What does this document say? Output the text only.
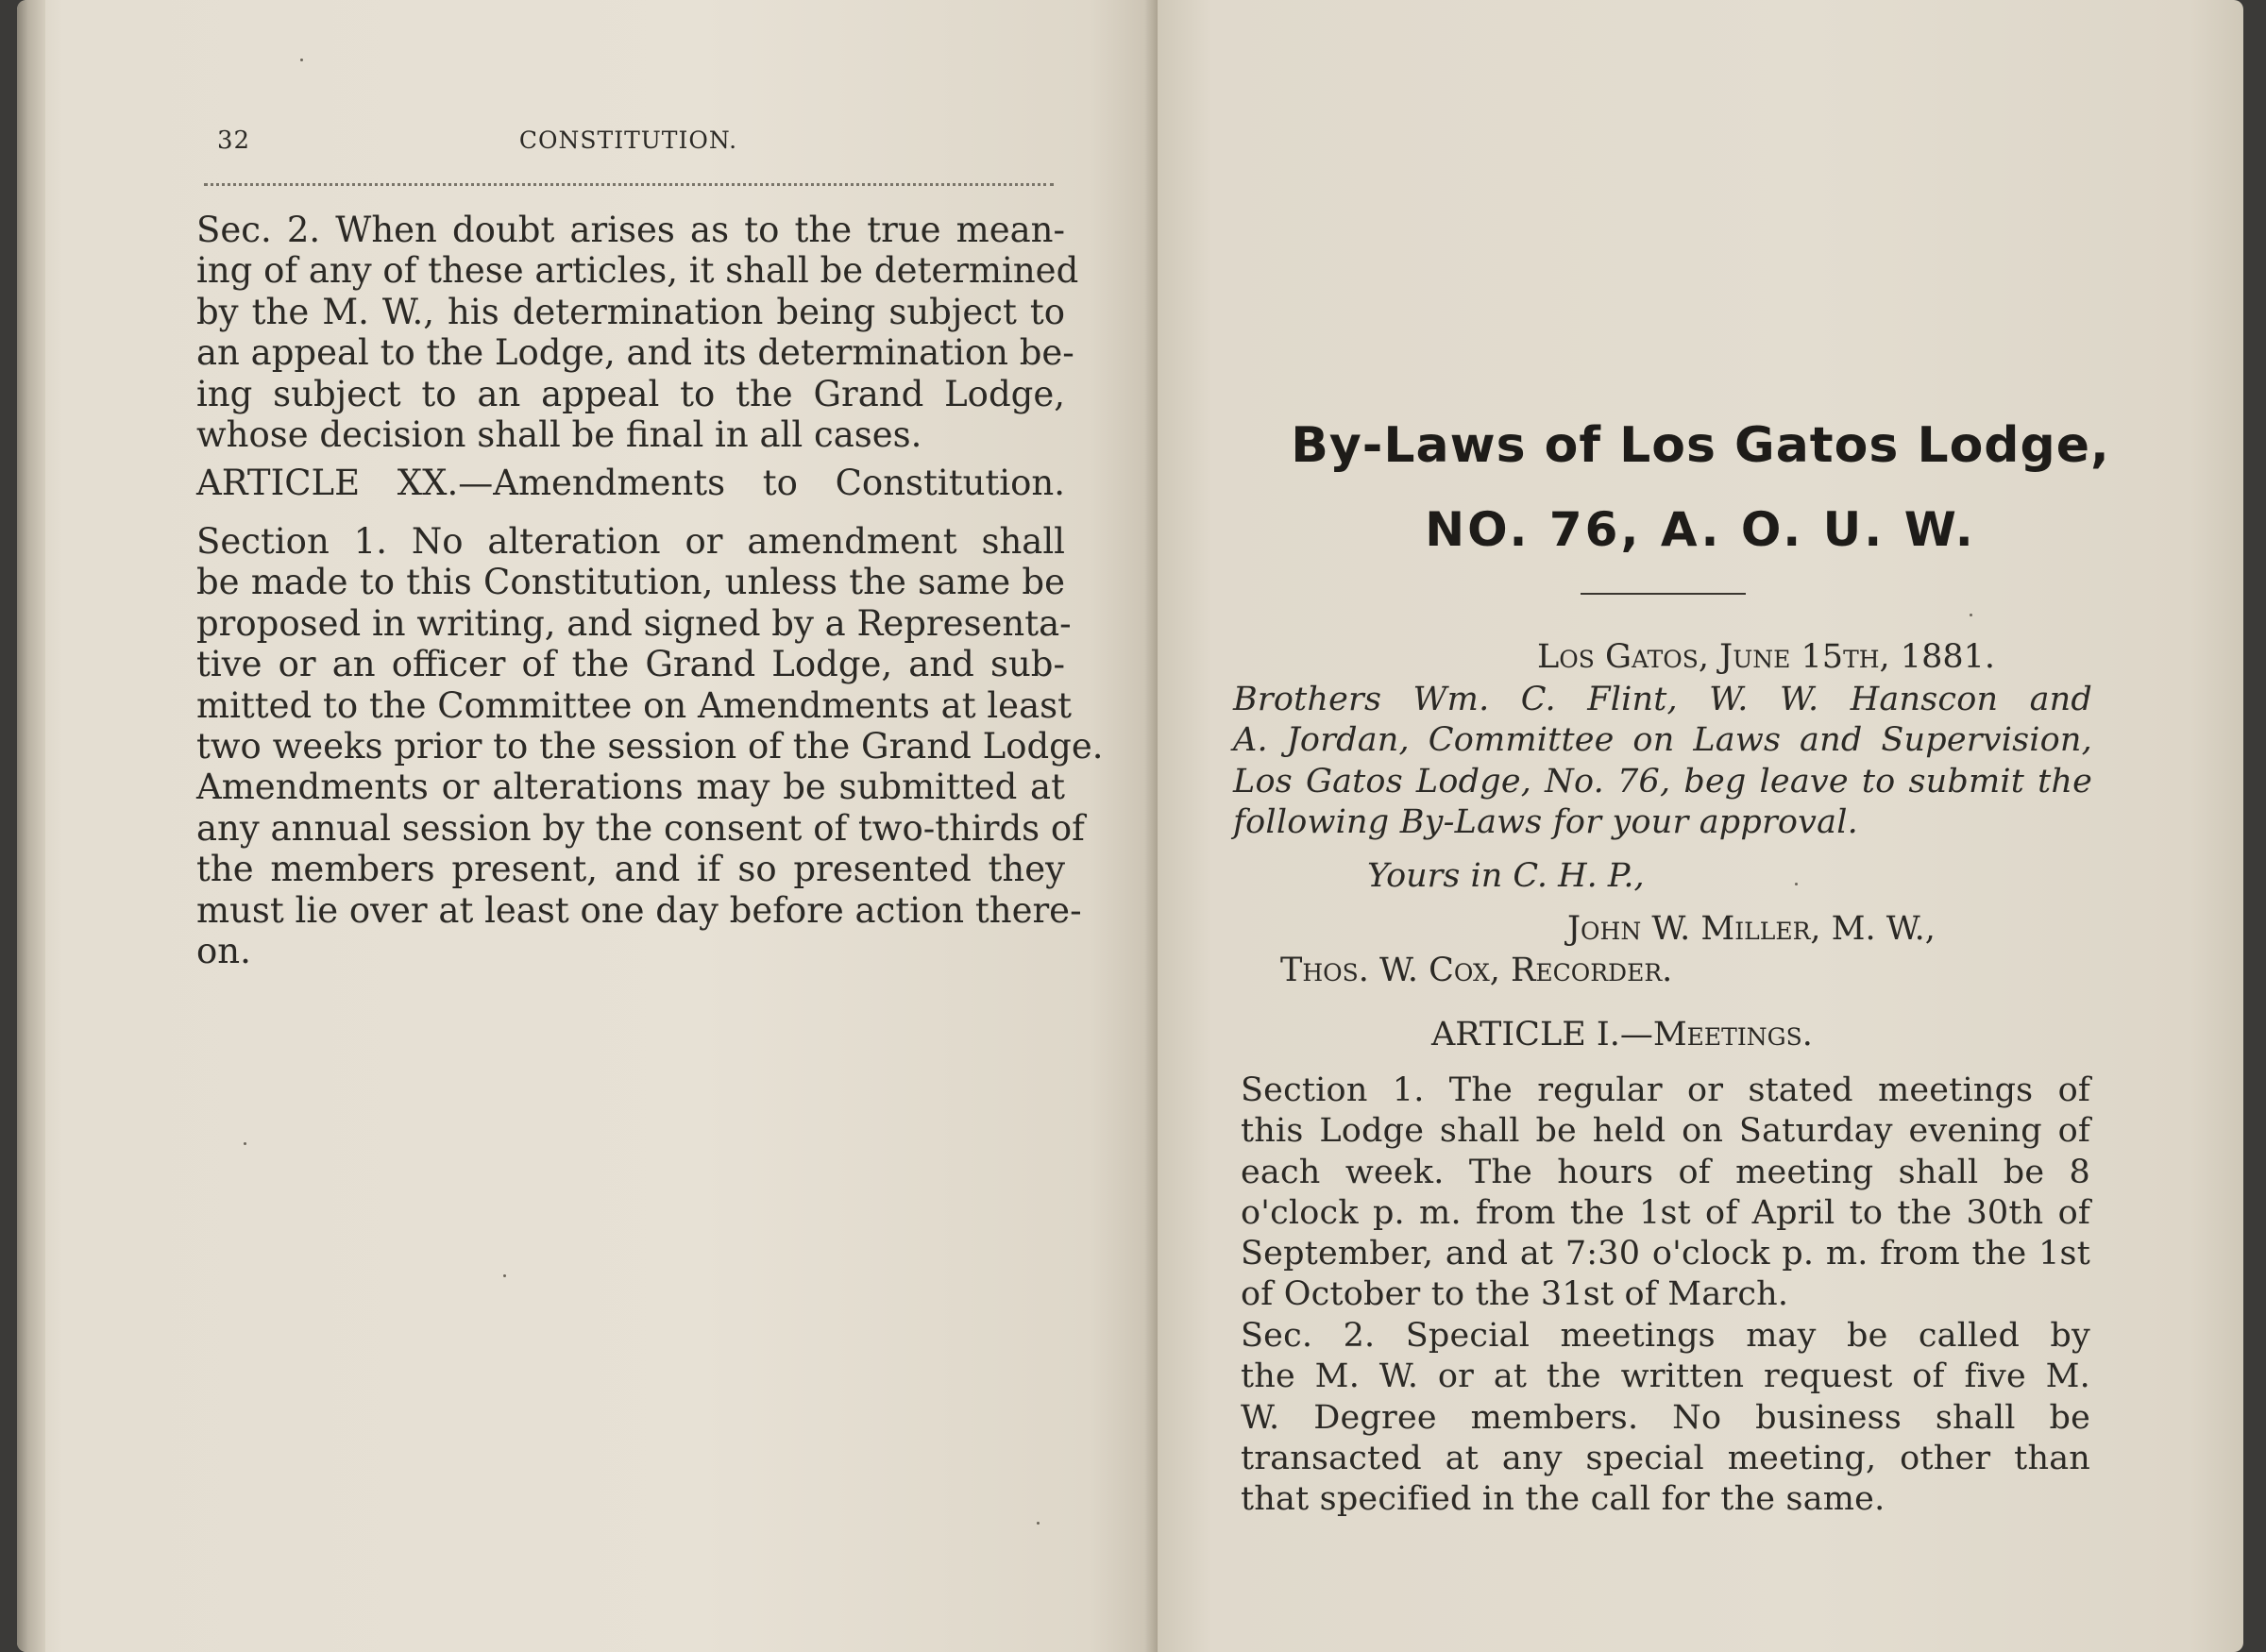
32	CONSTITUTION.
Sec. 2. When doubt arises as to the true mean-
ing of any of these articles, it shall be determined
by the M. W., his determination being subject to
an appeal to the Lodge, and its determination be-
ing subject to an appeal to the Grand Lodge,
whose decision shall be final in all cases.
ARTICLE XX.—Amendments to Constitution.
Section 1. No alteration or amendment shall
be made to this Constitution, unless the same be
proposed in writing, and signed by a Representa-
tive or an officer of the Grand Lodge, and sub-
mitted to the Committee on Amendments at least
two weeks prior to the session of the Grand Lodge.
Amendments or alterations may be submitted at
any annual session by the consent of two-thirds of
the members present, and if so presented they
must lie over at least one day before action there-
on.
By-Laws of Los Gatos Lodge,
NO. 76, A. O. U. W.
Los Gatos, June 15th, 1881.
Brothers Wm. C. Flint, W. W. Hanscon and
A. Jordan, Committee on Laws and Supervision,
Los Gatos Lodge, No. 76, beg leave to submit the
following By-Laws for your approval.
Yours in C. H. P.,
John W. Miller, M. W.,
Thos. W. Cox, Recorder.
ARTICLE I.—Meetings.
Section 1. The regular or stated meetings of
this Lodge shall be held on Saturday evening of
each week. The hours of meeting shall be 8
o'clock p. m. from the 1st of April to the 30th of
September, and at 7:30 o'clock p. m. from the 1st
of October to the 31st of March.
Sec. 2. Special meetings may be called by
the M. W. or at the written request of five M.
W. Degree members. No business shall be
transacted at any special meeting, other than
that specified in the call for the same.
